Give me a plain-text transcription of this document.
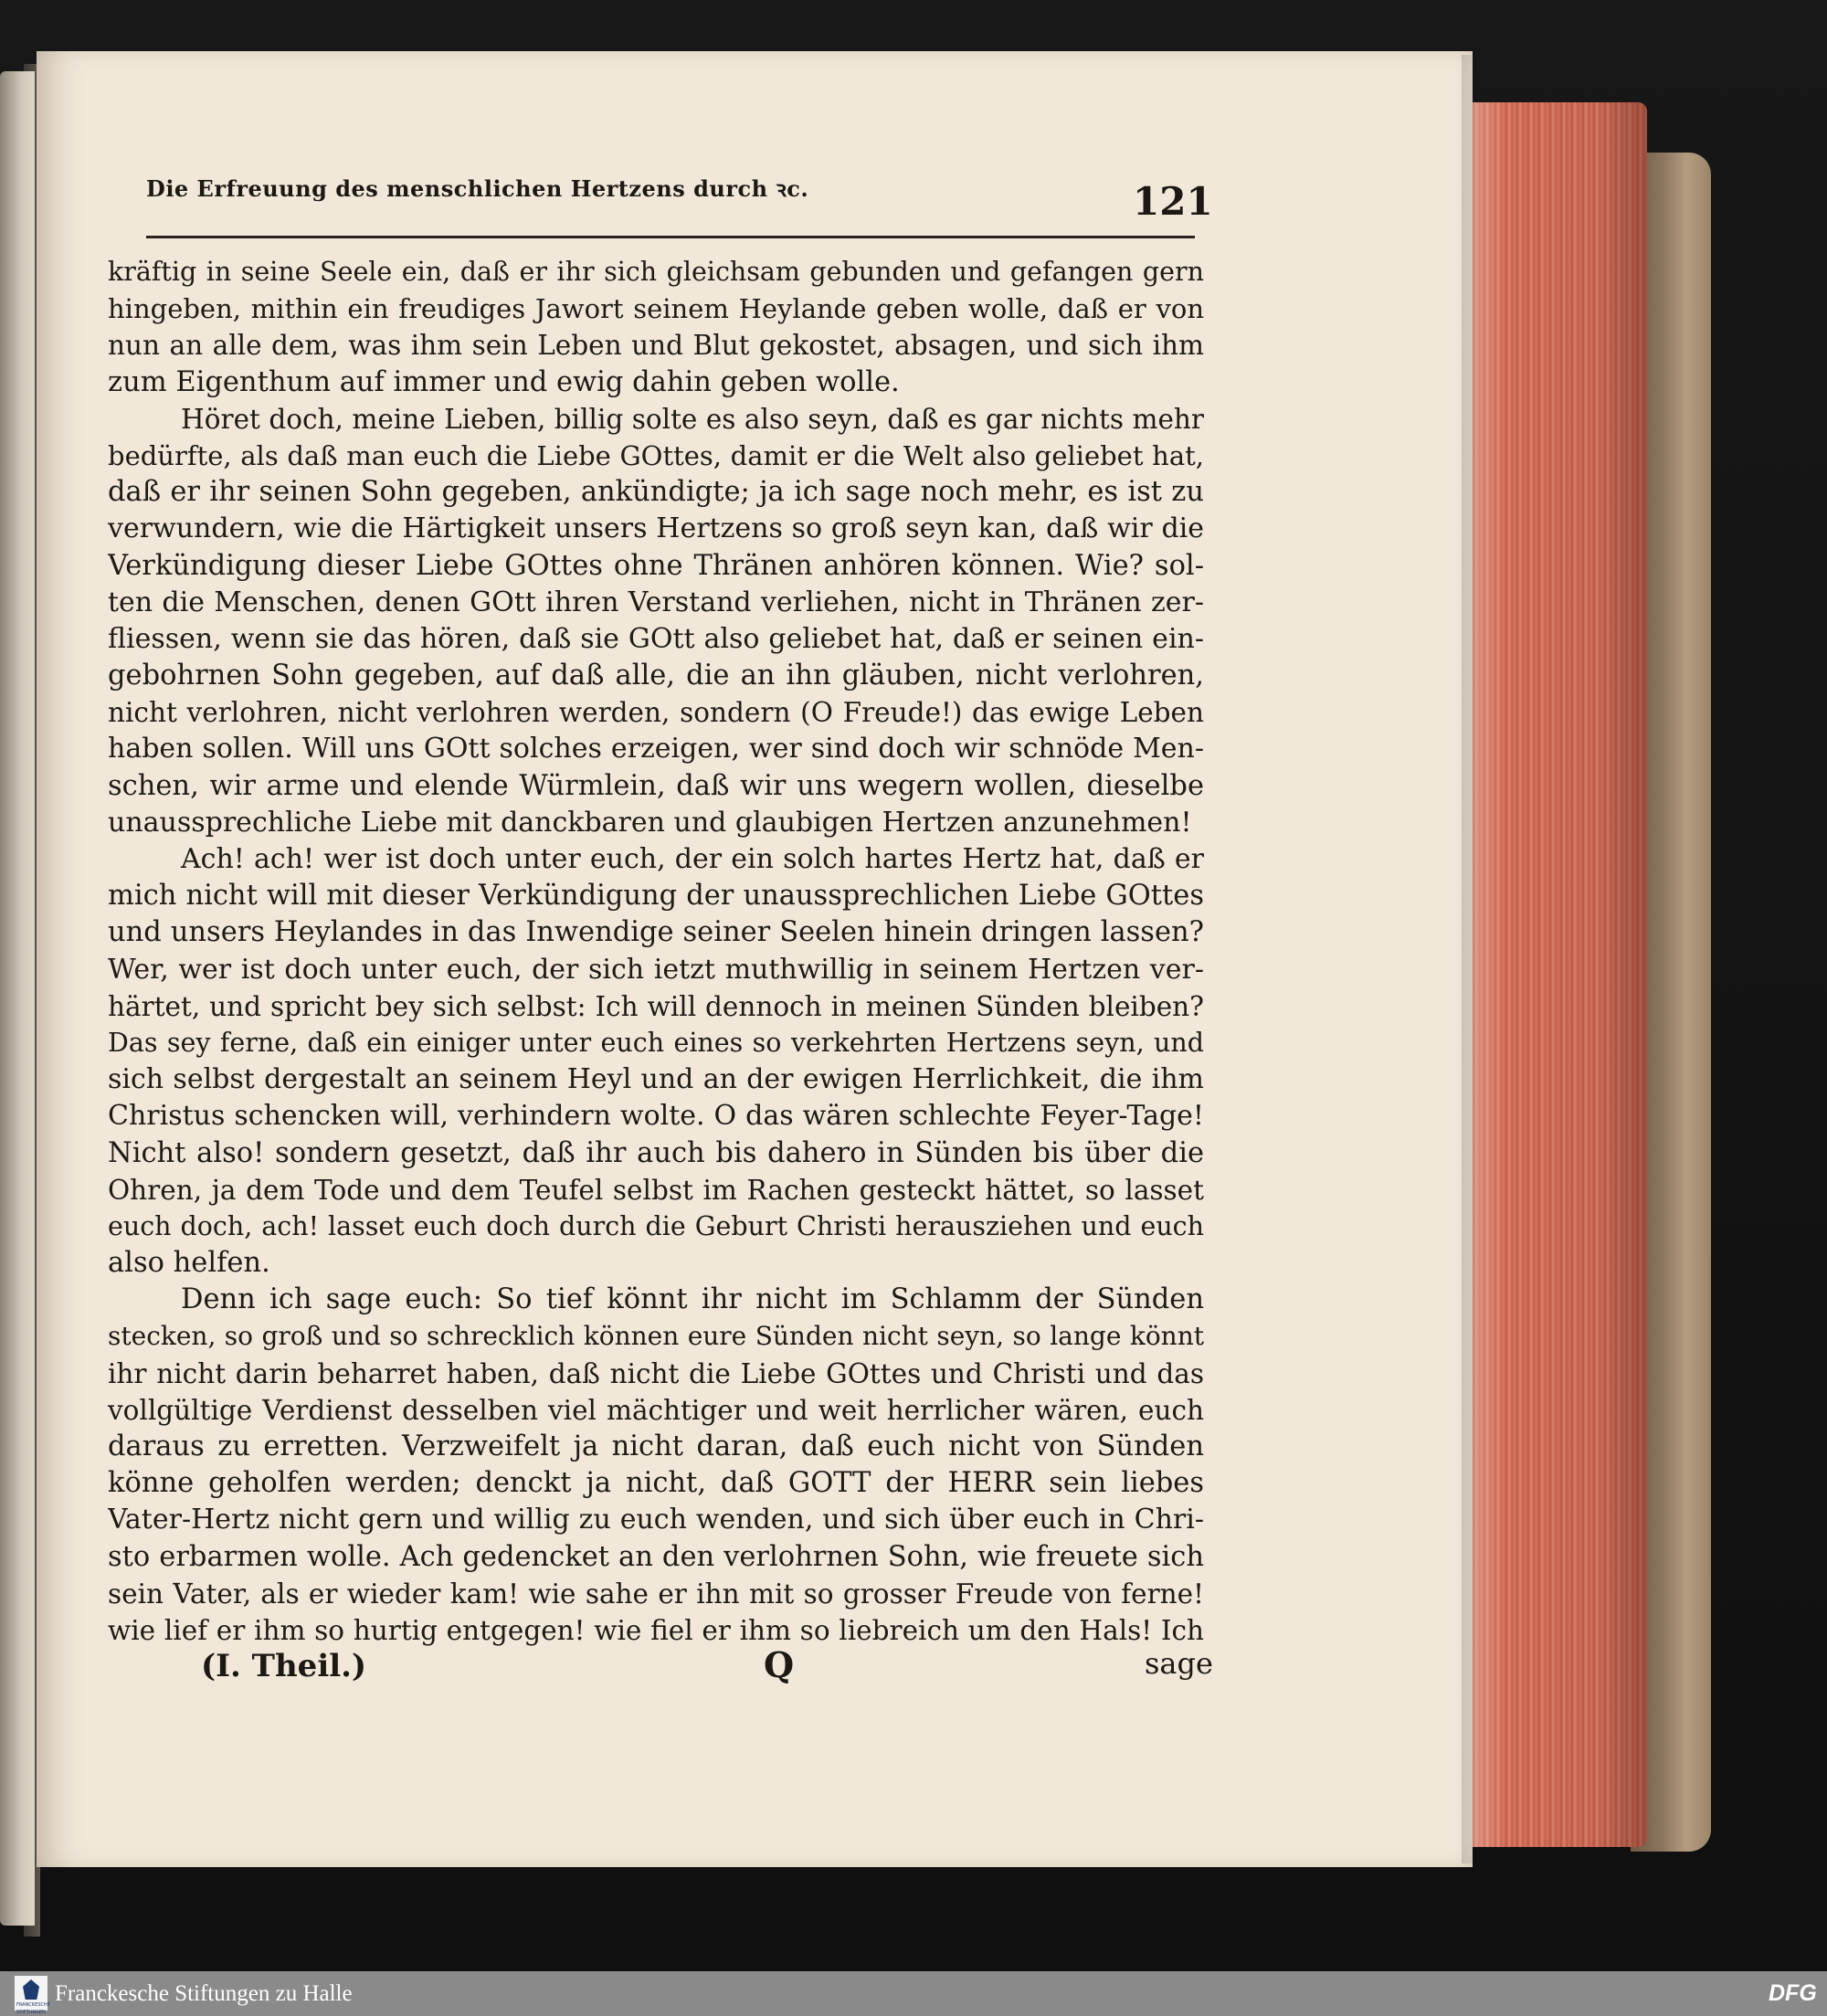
Die Erfreuung des menschlichen Hertzens durch ꝛc.	121
kräftig in seine Seele ein, daß er ihr sich gleichsam gebunden und gefangen gern
hingeben, mithin ein freudiges Jawort seinem Heylande geben wolle, daß er von
nun an alle dem, was ihm sein Leben und Blut gekostet, absagen, und sich ihm
zum Eigenthum auf immer und ewig dahin geben wolle.
Höret doch, meine Lieben, billig solte es also seyn, daß es gar nichts mehr
bedürfte, als daß man euch die Liebe GOttes, damit er die Welt also geliebet hat,
daß er ihr seinen Sohn gegeben, ankündigte; ja ich sage noch mehr, es ist zu
verwundern, wie die Härtigkeit unsers Hertzens so groß seyn kan, daß wir die
Verkündigung dieser Liebe GOttes ohne Thränen anhören können. Wie? sol-
ten die Menschen, denen GOtt ihren Verstand verliehen, nicht in Thränen zer-
fliessen, wenn sie das hören, daß sie GOtt also geliebet hat, daß er seinen ein-
gebohrnen Sohn gegeben, auf daß alle, die an ihn gläuben, nicht verlohren,
nicht verlohren, nicht verlohren werden, sondern (O Freude!) das ewige Leben
haben sollen. Will uns GOtt solches erzeigen, wer sind doch wir schnöde Men-
schen, wir arme und elende Würmlein, daß wir uns wegern wollen, dieselbe
unaussprechliche Liebe mit danckbaren und glaubigen Hertzen anzunehmen!
Ach! ach! wer ist doch unter euch, der ein solch hartes Hertz hat, daß er
mich nicht will mit dieser Verkündigung der unaussprechlichen Liebe GOttes
und unsers Heylandes in das Inwendige seiner Seelen hinein dringen lassen?
Wer, wer ist doch unter euch, der sich ietzt muthwillig in seinem Hertzen ver-
härtet, und spricht bey sich selbst: Ich will dennoch in meinen Sünden bleiben?
Das sey ferne, daß ein einiger unter euch eines so verkehrten Hertzens seyn, und
sich selbst dergestalt an seinem Heyl und an der ewigen Herrlichkeit, die ihm
Christus schencken will, verhindern wolte. O das wären schlechte Feyer-Tage!
Nicht also! sondern gesetzt, daß ihr auch bis dahero in Sünden bis über die
Ohren, ja dem Tode und dem Teufel selbst im Rachen gesteckt hättet, so lasset
euch doch, ach! lasset euch doch durch die Geburt Christi herausziehen und euch
also helfen.
Denn ich sage euch: So tief könnt ihr nicht im Schlamm der Sünden
stecken, so groß und so schrecklich können eure Sünden nicht seyn, so lange könnt
ihr nicht darin beharret haben, daß nicht die Liebe GOttes und Christi und das
vollgültige Verdienst desselben viel mächtiger und weit herrlicher wären, euch
daraus zu erretten. Verzweifelt ja nicht daran, daß euch nicht von Sünden
könne geholfen werden; denckt ja nicht, daß GOTT der HERR sein liebes
Vater-Hertz nicht gern und willig zu euch wenden, und sich über euch in Chri-
sto erbarmen wolle. Ach gedencket an den verlohrnen Sohn, wie freuete sich
sein Vater, als er wieder kam! wie sahe er ihn mit so grosser Freude von ferne!
wie lief er ihm so hurtig entgegen! wie fiel er ihm so liebreich um den Hals! Ich
(I. Theil.)	Q	sage
FRANCKESCHE STIFTUNGEN
Franckesche Stiftungen zu Halle	DFG
